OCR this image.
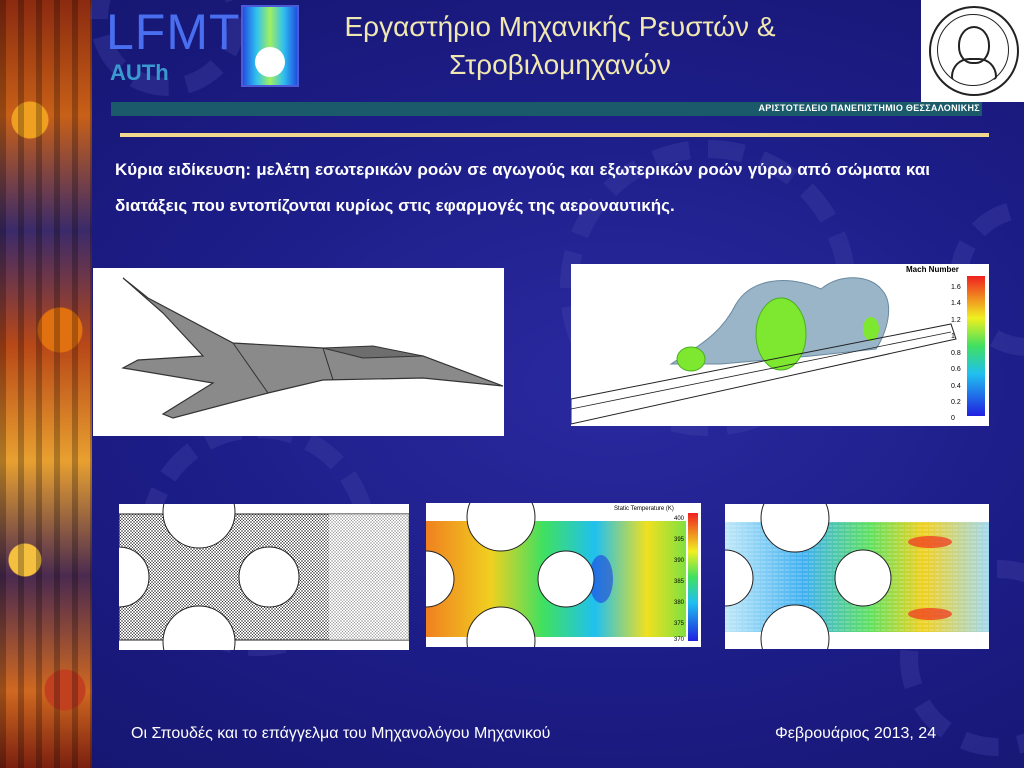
LFMT
AUTh
Εργαστήριο Μηχανικής Ρευστών &
Στροβιλομηχανών
ΑΡΙΣΤΟΤΕΛΕΙΟ ΠΑΝΕΠΙΣΤΗΜΙΟ ΘΕΣΣΑΛΟΝΙΚΗΣ
Κύρια ειδίκευση: μελέτη εσωτερικών ροών σε αγωγούς και εξωτερικών ροών γύρω από σώματα και διατάξεις που εντοπίζονται κυρίως στις εφαρμογές της αεροναυτικής.
Mach Number
1.6
1.4
1.2
1
0.8
0.6
0.4
0.2
0
Static Temperature (K)
400
395
390
385
380
375
370
Οι Σπουδές και το επάγγελμα του Μηχανολόγου Μηχανικού	Φεβρουάριος 2013, 24
